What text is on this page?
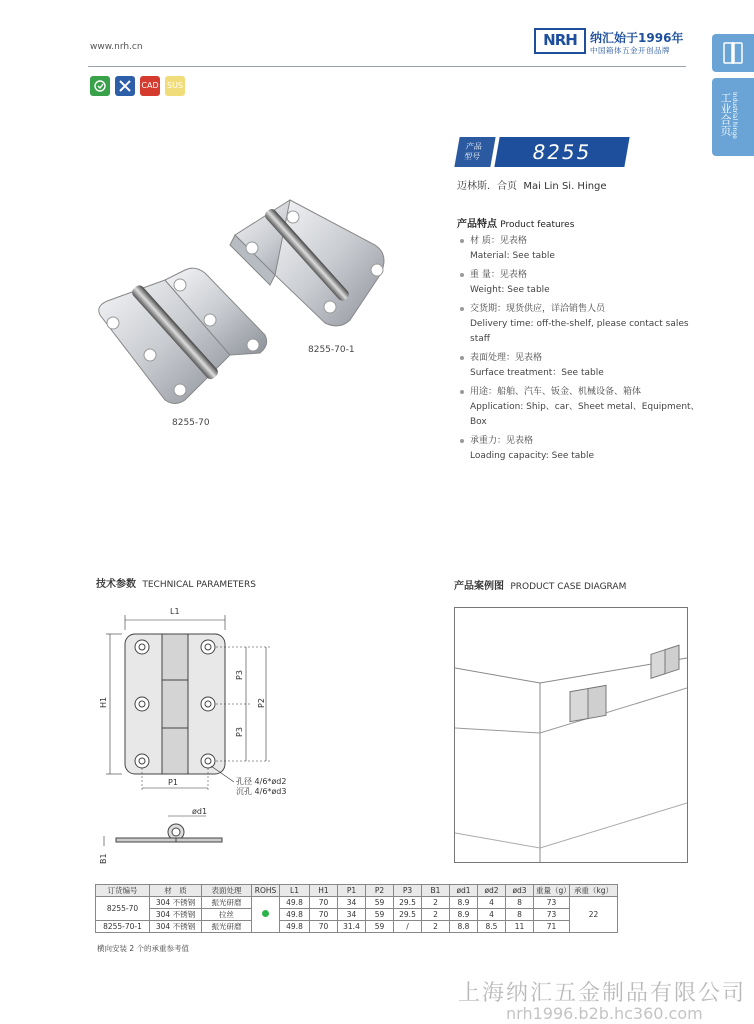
www.nrh.cn	NRH	纳汇始于1996年
中国箱体五金开创品牌
工业合页 Industrial hinge
CAD SUS
产品
型号	8255
迈林斯．合页 Mai Lin Si. Hinge
产品特点 Product features
材 质：见表格
Material: See table
重 量：见表格
Weight: See table
交货期：现货供应，详洽销售人员
Delivery time: off-the-shelf, please contact sales staff
表面处理：见表格
Surface treatment：See table
用途：船舶、汽车、钣金、机械设备、箱体
Application: Ship、car、Sheet metal、Equipment、Box
承重力：见表格
Loading capacity: See table
8255-70
8255-70-1
技术参数 TECHNICAL PARAMETERS
L1
H1
P3
P3
P2
P1	孔径 4/6*ød2
沉孔 4/6*ød3
ød1
B1
产品案例图 PRODUCT CASE DIAGRAM
订货编号	材　质	表面处理	ROHS	L1	H1	P1	P2	P3	B1	ød1	ød2	ød3	重量（g）	承重（kg）
8255-70	304 不锈钢	振光研磨		49.8	70	34	59	29.5	2	8.9	4	8	73	22
	304 不锈钢	拉丝		49.8	70	34	59	29.5	2	8.9	4	8	73	
8255-70-1	304 不锈钢	振光研磨		49.8	70	31.4	59	/	2	8.8	8.5	11	71	
横向安装 2 个的承重参考值
上海纳汇五金制品有限公司
nrh1996.b2b.hc360.com
